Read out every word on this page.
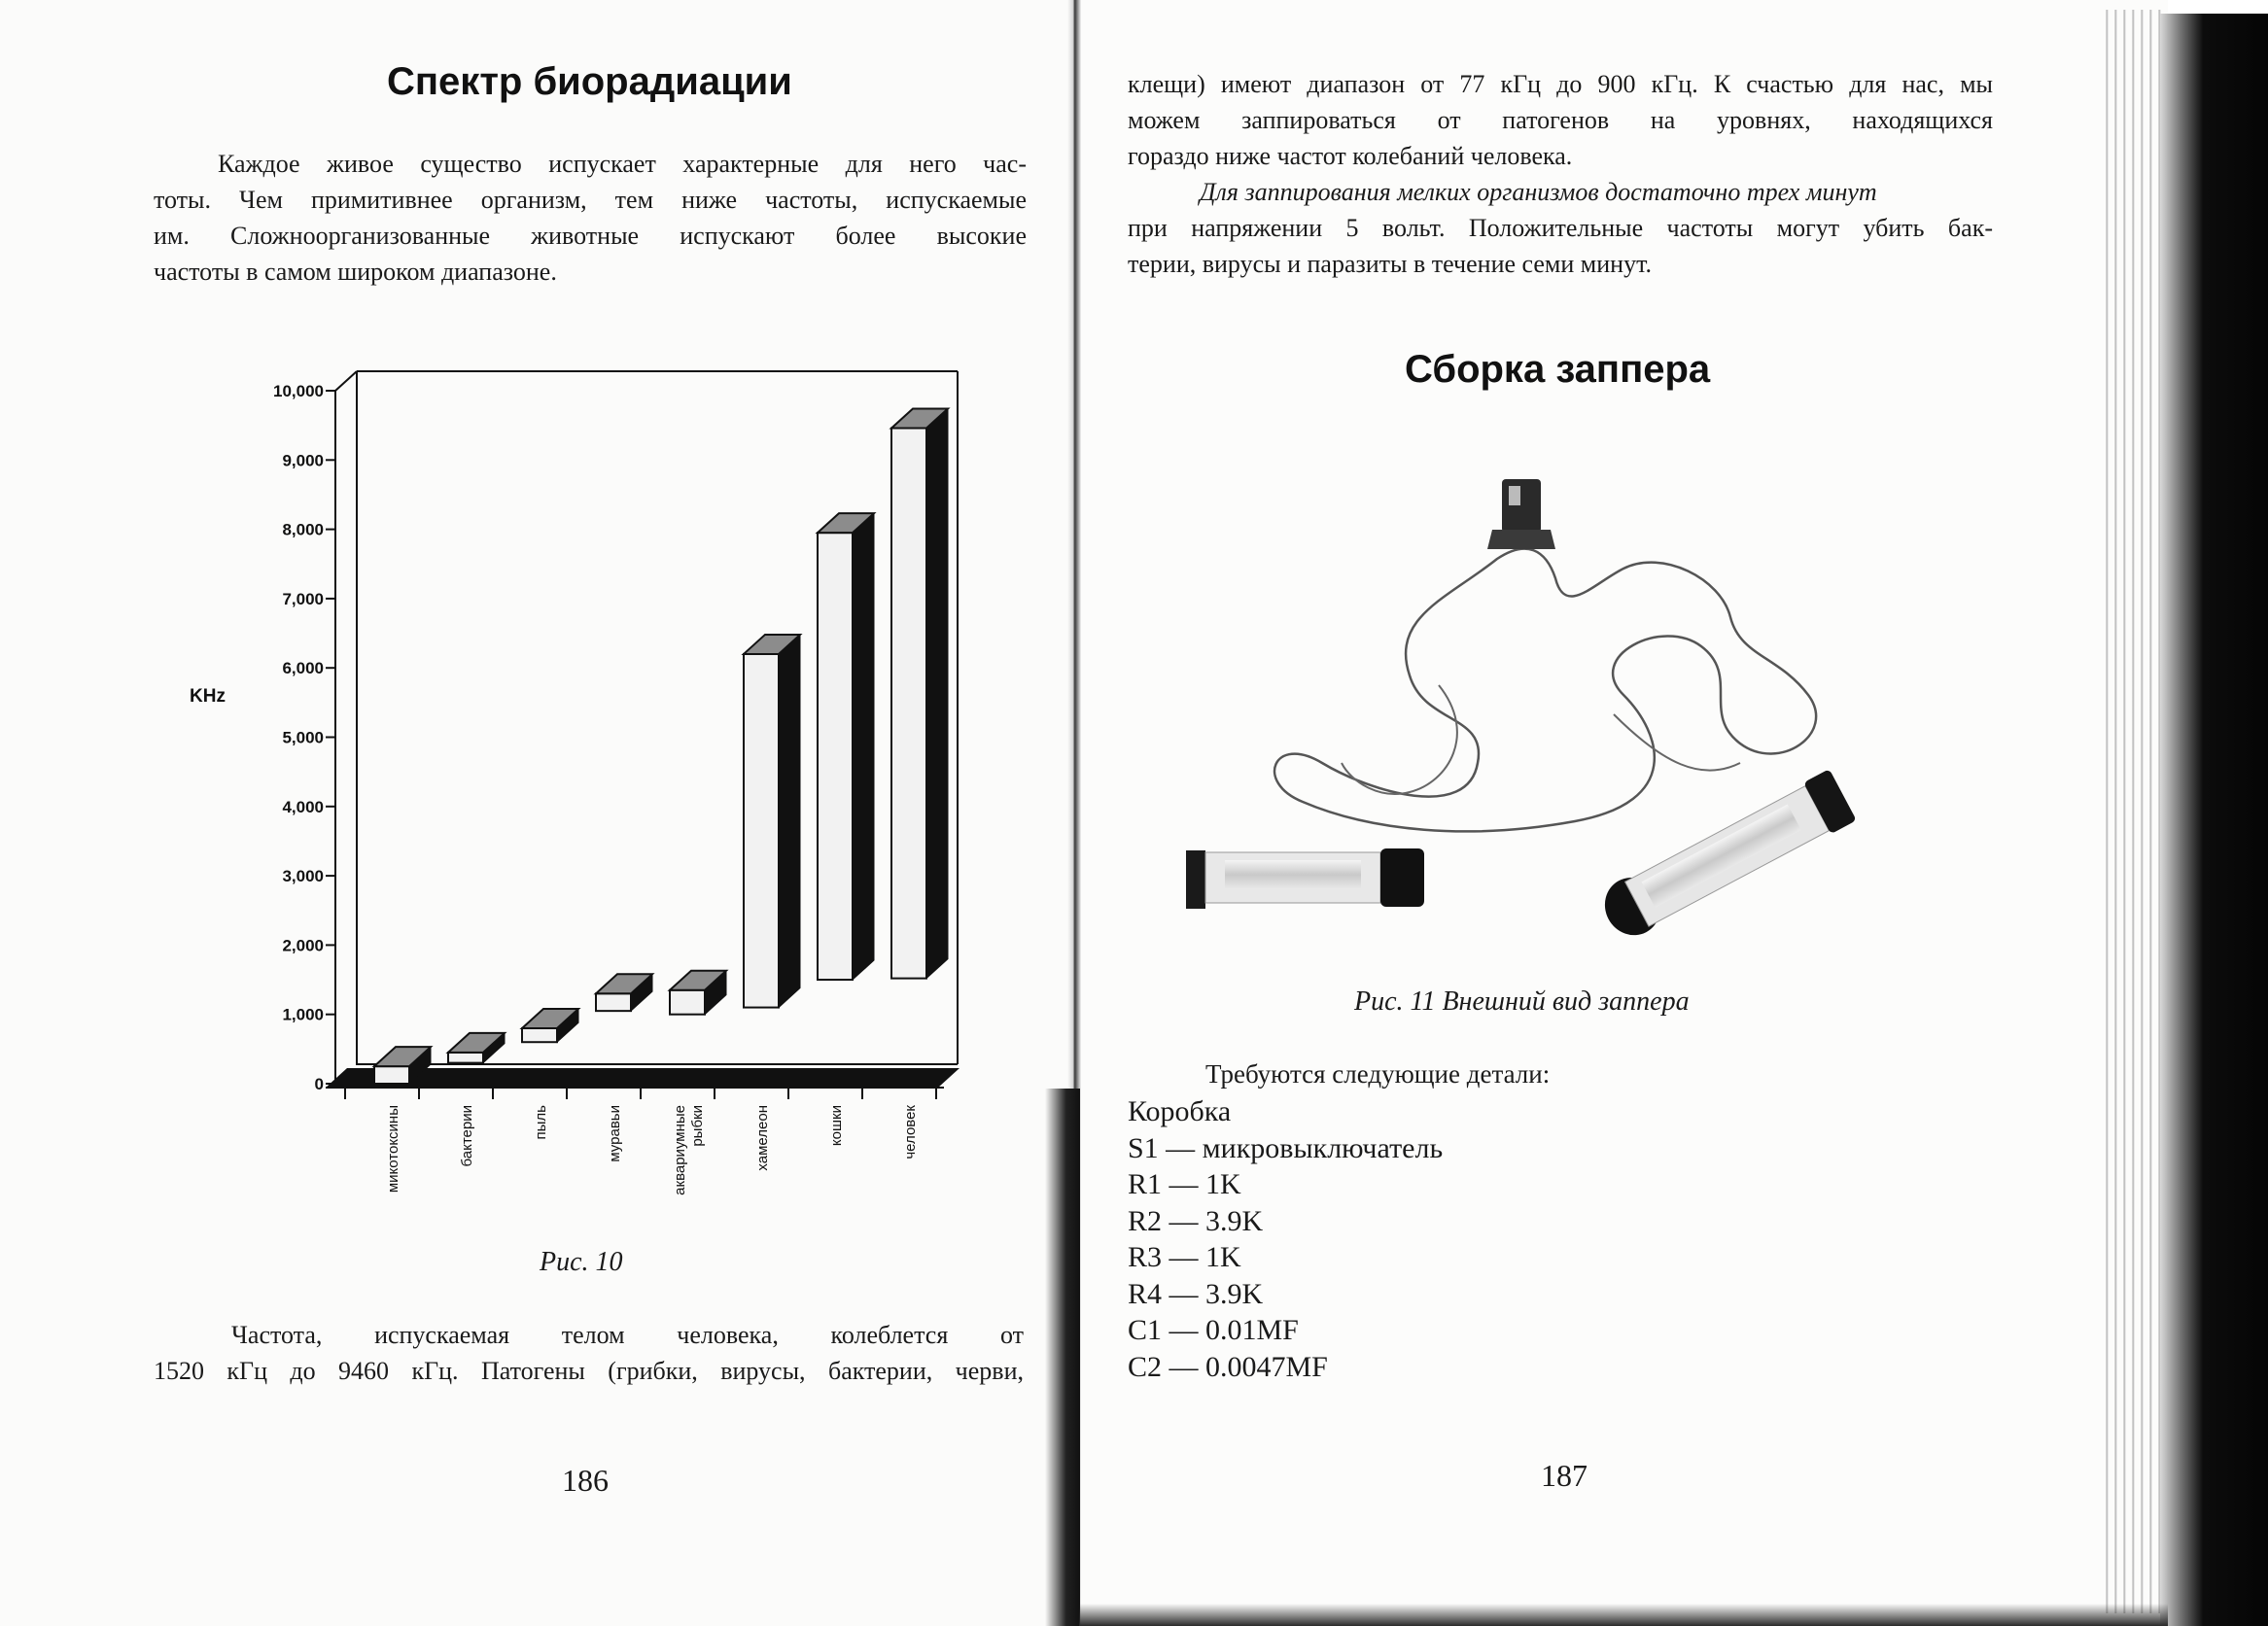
Спектр биорадиации

Каждое живое существо испускает характерные для него час-

тоты. Чем примитивнее организм, тем ниже частоты, испускаемые

им. Сложноорганизованные животные испускают более высокие

частоты в самом широком диапазоне.

0
1,000
2,000
3,000
4,000
5,000
6,000
7,000
8,000
9,000
10,000
микотоксины	бактерии	пыль	муравьи	аквариумные рыбки	хамелеон	кошки	человек
KHz
Рис. 10

Частота, испускаемая телом человека, колеблется от

1520 кГц до 9460 кГц. Патогены (грибки, вирусы, бактерии, черви,

186

клещи) имеют диапазон от 77 кГц до 900 кГц. К счастью для нас, мы

можем заппироваться от патогенов на уровнях, находящихся

гораздо ниже частот колебаний человека.

Для заппирования мелких организмов достаточно трех минут

при напряжении 5 вольт. Положительные частоты могут убить бак-

терии, вирусы и паразиты в течение семи минут.

Сборка заппера
Рис. 11 Внешний вид заппера
Требуются следующие детали:
Коробка
S1 — микровыключатель
R1 — 1K
R2 — 3.9K
R3 — 1K
R4 — 3.9K
C1 — 0.01MF
C2 — 0.0047MF
187
